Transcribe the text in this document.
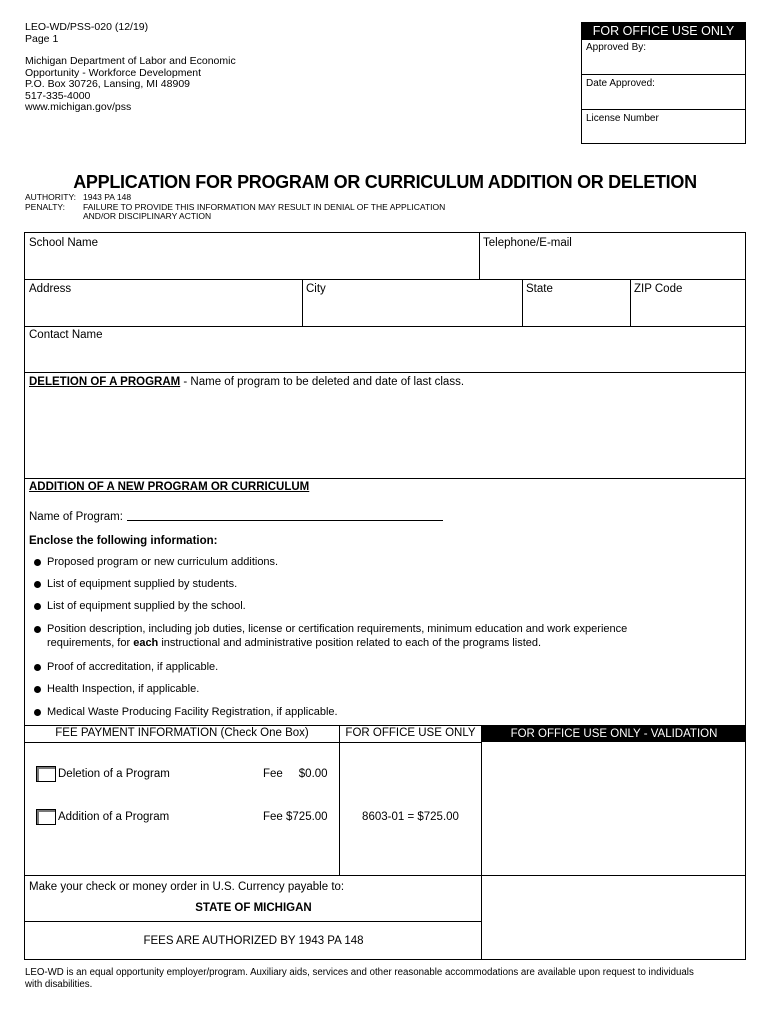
LEO-WD/PSS-020 (12/19)
Page 1
Michigan Department of Labor and Economic
Opportunity - Workforce Development
P.O. Box 30726, Lansing, MI 48909
517-335-4000
www.michigan.gov/pss
FOR OFFICE USE ONLY
Approved By:
Date Approved:
License Number
APPLICATION FOR PROGRAM OR CURRICULUM ADDITION OR DELETION
AUTHORITY: 1943 PA 148
PENALTY:	FAILURE TO PROVIDE THIS INFORMATION MAY RESULT IN DENIAL OF THE APPLICATION
AND/OR DISCIPLINARY ACTION
School Name	Telephone/E-mail
Address	City	State	ZIP Code
Contact Name
DELETION OF A PROGRAM - Name of program to be deleted and date of last class.
ADDITION OF A NEW PROGRAM OR CURRICULUM
Name of Program:
Enclose the following information:
Proposed program or new curriculum additions.
List of equipment supplied by students.
List of equipment supplied by the school.
Position description, including job duties, license or certification requirements, minimum education and work experience
requirements, for each instructional and administrative position related to each of the programs listed.
Proof of accreditation, if applicable.
Health Inspection, if applicable.
Medical Waste Producing Facility Registration, if applicable.
FEE PAYMENT INFORMATION (Check One Box)	FOR OFFICE USE ONLY	FOR OFFICE USE ONLY - VALIDATION
Deletion of a Program	Fee     $0.00
Addition of a Program	Fee $725.00	8603-01 = $725.00
Make your check or money order in U.S. Currency payable to:
STATE OF MICHIGAN
FEES ARE AUTHORIZED BY 1943 PA 148
LEO-WD is an equal opportunity employer/program. Auxiliary aids, services and other reasonable accommodations are available upon request to individuals
with disabilities.
